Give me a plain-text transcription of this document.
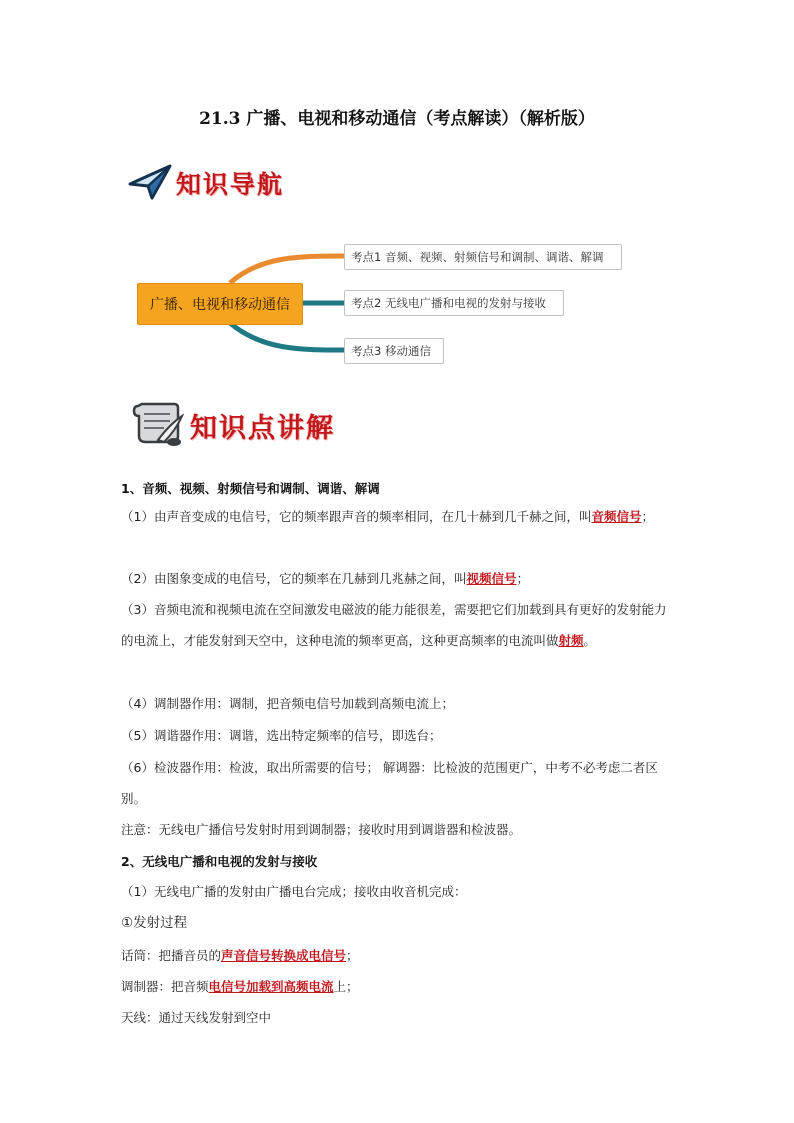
21.3 广播、电视和移动通信（考点解读）（解析版）
知识导航
广播、电视和移动通信
考点1 音频、视频、射频信号和调制、调谐、解调
考点2 无线电广播和电视的发射与接收
考点3 移动通信
知识点讲解
1、音频、视频、射频信号和调制、调谐、解调
（1）由声音变成的电信号，它的频率跟声音的频率相同，在几十赫到几千赫之间，叫音频信号；
（2）由图象变成的电信号，它的频率在几赫到几兆赫之间，叫视频信号；
（3）音频电流和视频电流在空间激发电磁波的能力能很差，需要把它们加载到具有更好的发射能力的电流上，才能发射到天空中，这种电流的频率更高，这种更高频率的电流叫做射频。
（4）调制器作用：调制，把音频电信号加载到高频电流上；
（5）调谐器作用：调谐，选出特定频率的信号，即选台；
（6）检波器作用：检波，取出所需要的信号； 解调器：比检波的范围更广，中考不必考虑二者区别。
注意：无线电广播信号发射时用到调制器；接收时用到调谐器和检波器。
2、无线电广播和电视的发射与接收
（1）无线电广播的发射由广播电台完成；接收由收音机完成：
①发射过程
话筒：把播音员的声音信号转换成电信号；
调制器：把音频电信号加载到高频电流上；
天线：通过天线发射到空中
